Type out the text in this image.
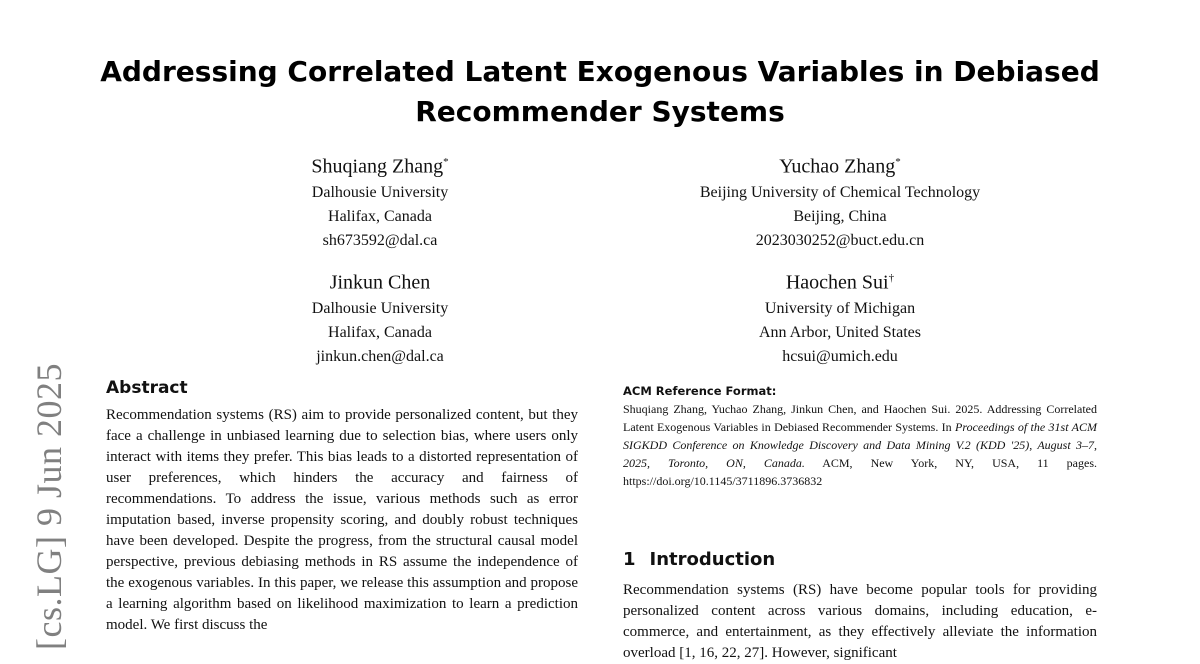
[cs.LG] 9 Jun 2025
Addressing Correlated Latent Exogenous Variables in Debiased
Recommender Systems
Shuqiang Zhang*
Dalhousie University
Halifax, Canada
sh673592@dal.ca
Yuchao Zhang*
Beijing University of Chemical Technology
Beijing, China
2023030252@buct.edu.cn
Jinkun Chen
Dalhousie University
Halifax, Canada
jinkun.chen@dal.ca
Haochen Sui†
University of Michigan
Ann Arbor, United States
hcsui@umich.edu
Abstract
Recommendation systems (RS) aim to provide personalized content, but they face a challenge in unbiased learning due to selection bias, where users only interact with items they prefer. This bias leads to a distorted representation of user preferences, which hinders the accuracy and fairness of recommendations. To address the issue, various methods such as error imputation based, inverse propensity scoring, and doubly robust techniques have been developed. Despite the progress, from the structural causal model perspective, previous debiasing methods in RS assume the independence of the exogenous variables. In this paper, we release this assumption and propose a learning algorithm based on likelihood maximization to learn a prediction model. We first discuss the
ACM Reference Format:
Shuqiang Zhang, Yuchao Zhang, Jinkun Chen, and Haochen Sui. 2025. Addressing Correlated Latent Exogenous Variables in Debiased Recommender Systems. In Proceedings of the 31st ACM SIGKDD Conference on Knowledge Discovery and Data Mining V.2 (KDD '25), August 3–7, 2025, Toronto, ON, Canada. ACM, New York, NY, USA, 11 pages. https://doi.org/10.1145/3711896.3736832
1 Introduction
Recommendation systems (RS) have become popular tools for providing personalized content across various domains, including education, e-commerce, and entertainment, as they effectively alleviate the information overload [1, 16, 22, 27]. However, significant
